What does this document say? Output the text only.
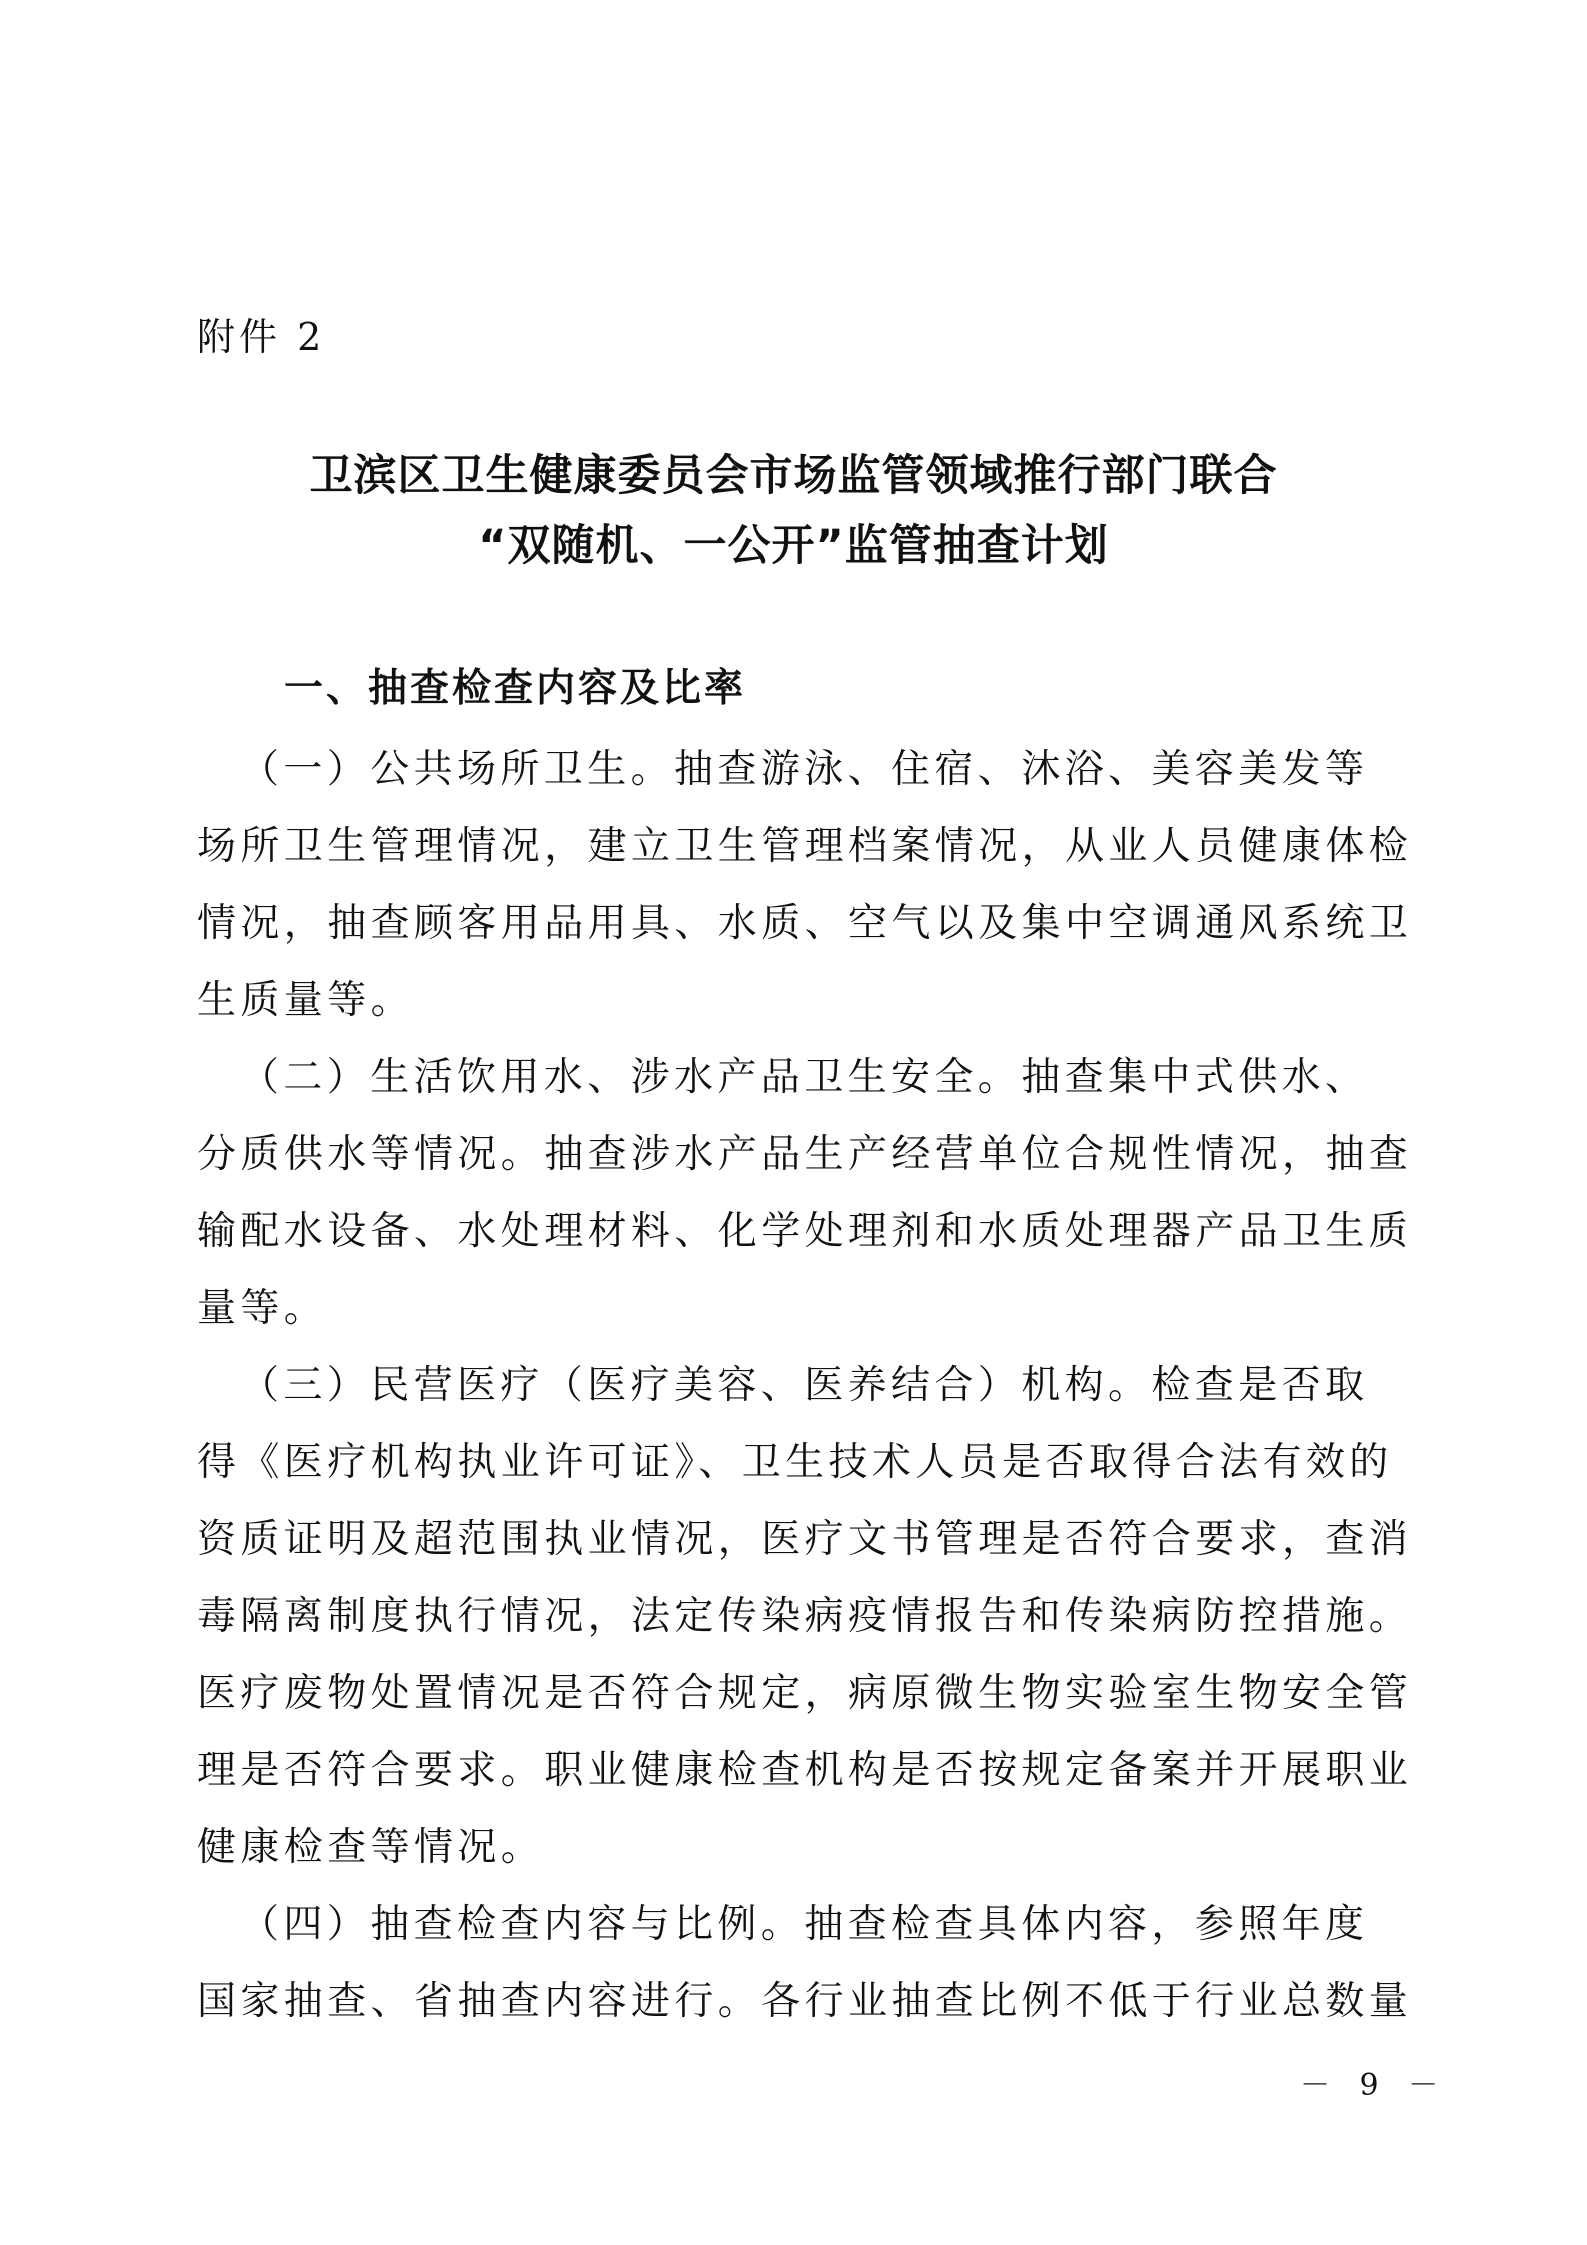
附件 2
卫滨区卫生健康委员会市场监管领域推行部门联合
“双随机、一公开”监管抽查计划
一、抽查检查内容及比率
（一）公共场所卫生。抽查游泳、住宿、沐浴、美容美发等
场所卫生管理情况，建立卫生管理档案情况，从业人员健康体检
情况，抽查顾客用品用具、水质、空气以及集中空调通风系统卫
生质量等。
（二）生活饮用水、涉水产品卫生安全。抽查集中式供水、
分质供水等情况。抽查涉水产品生产经营单位合规性情况，抽查
输配水设备、水处理材料、化学处理剂和水质处理器产品卫生质
量等。
（三）民营医疗（医疗美容、医养结合）机构。检查是否取
得《医疗机构执业许可证》、卫生技术人员是否取得合法有效的
资质证明及超范围执业情况，医疗文书管理是否符合要求，查消
毒隔离制度执行情况，法定传染病疫情报告和传染病防控措施。
医疗废物处置情况是否符合规定，病原微生物实验室生物安全管
理是否符合要求。职业健康检查机构是否按规定备案并开展职业
健康检查等情况。
（四）抽查检查内容与比例。抽查检查具体内容，参照年度
国家抽查、省抽查内容进行。各行业抽查比例不低于行业总数量
－ 9 －
